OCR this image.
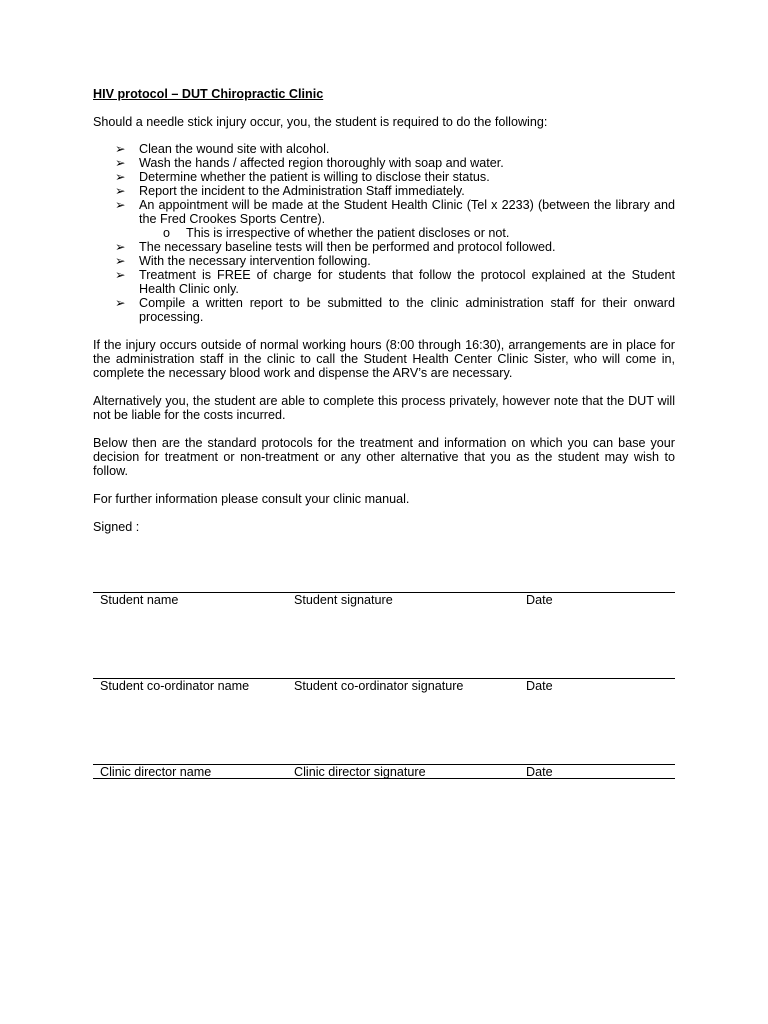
HIV protocol – DUT Chiropractic Clinic

Should a needle stick injury occur, you, the student is required to do the following:

➢ Clean the wound site with alcohol.
➢ Wash the hands / affected region thoroughly with soap and water.
➢ Determine whether the patient is willing to disclose their status.
➢ Report the incident to the Administration Staff immediately.
➢ An appointment will be made at the Student Health Clinic (Tel x 2233) (between the library and the Fred Crookes Sports Centre).
o This is irrespective of whether the patient discloses or not.
➢ The necessary baseline tests will then be performed and protocol followed.
➢ With the necessary intervention following.
➢ Treatment is FREE of charge for students that follow the protocol explained at the Student Health Clinic only.
➢ Compile a written report to be submitted to the clinic administration staff for their onward processing.

If the injury occurs outside of normal working hours (8:00 through 16:30), arrangements are in place for the administration staff in the clinic to call the Student Health Center Clinic Sister, who will come in, complete the necessary blood work and dispense the ARV’s are necessary.

Alternatively you, the student are able to complete this process privately, however note that the DUT will not be liable for the costs incurred.

Below then are the standard protocols for the treatment and information on which you can base your decision for treatment or non-treatment or any other alternative that you as the student may wish to follow.

For further information please consult your clinic manual.

Signed :

Student name	Student signature	Date
Student co-ordinator name	Student co-ordinator signature	Date
Clinic director name	Clinic director signature	Date
